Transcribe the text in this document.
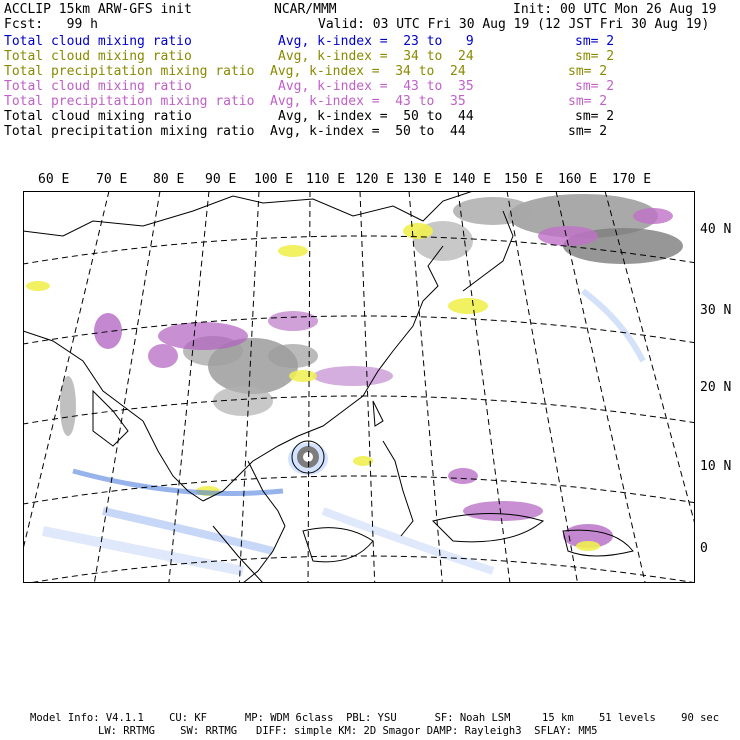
ACCLIP 15km ARW-GFS init	NCAR/MMM	Init: 00 UTC Mon 26 Aug 19
Fcst:   99 h	Valid: 03 UTC Fri 30 Aug 19 (12 JST Fri 30 Aug 19)
Total cloud mixing ratio	Avg, k-index =  23 to   9	sm= 2
Total cloud mixing ratio	Avg, k-index =  34 to  24	sm= 2
Total precipitation mixing ratio Avg, k-index =  34 to  24	sm= 2
Total cloud mixing ratio	Avg, k-index =  43 to  35	sm= 2
Total precipitation mixing ratio Avg, k-index =  43 to  35	sm= 2
Total cloud mixing ratio	Avg, k-index =  50 to  44	sm= 2
Total precipitation mixing ratio Avg, k-index =  50 to  44	sm= 2
60 E 70 E 80 E 90 E 100 E 110 E 120 E 130 E 140 E 150 E 160 E 170 E
40 N
30 N
20 N
10 N
0
Model Info: V4.1.1    CU: KF      MP: WDM 6class  PBL: YSU      SF: Noah LSM     15 km    51 levels    90 sec
LW: RRTMG    SW: RRTMG   DIFF: simple KM: 2D Smagor DAMP: Rayleigh3  SFLAY: MM5
